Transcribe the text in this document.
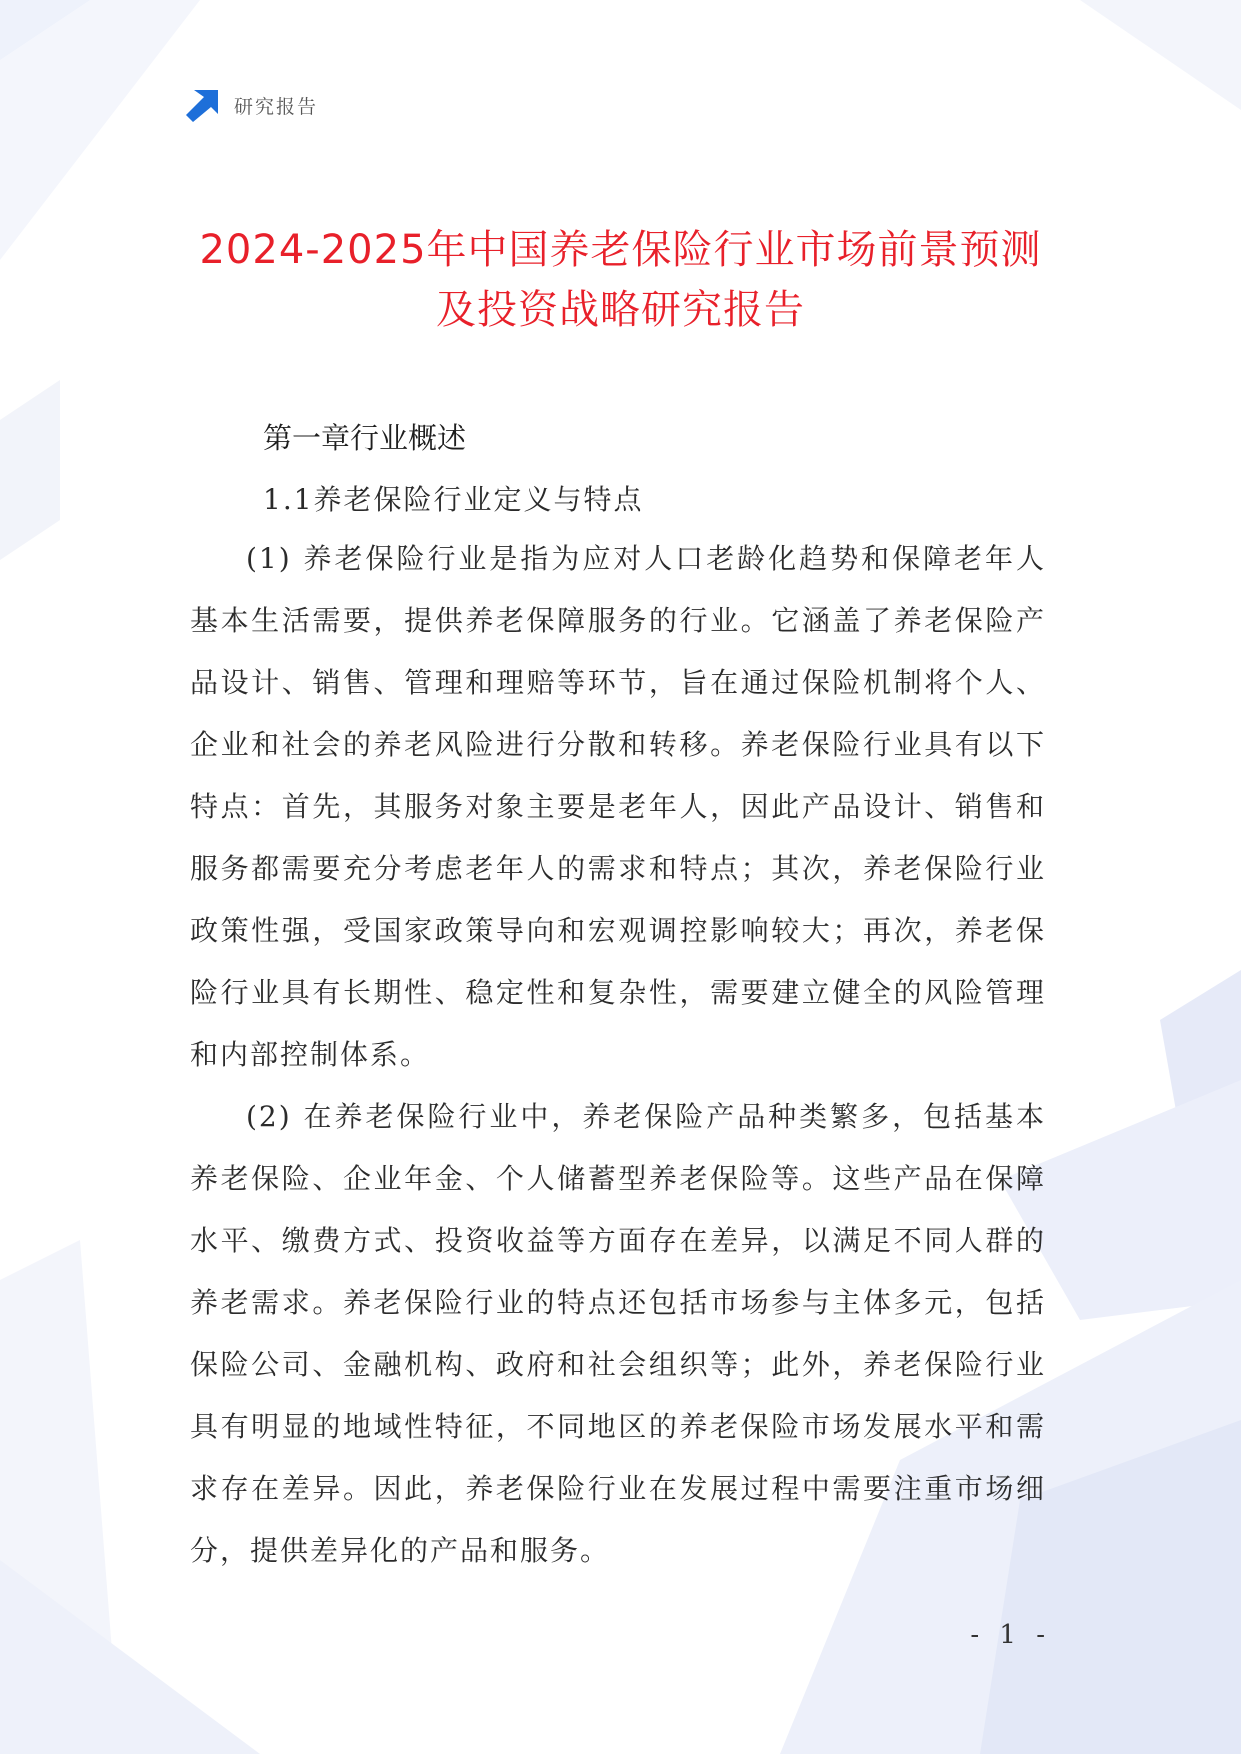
研究报告
2024-2025年中国养老保险行业市场前景预测及投资战略研究报告
第一章行业概述
1.1养老保险行业定义与特点

(1) 养老保险行业是指为应对人口老龄化趋势和保障老年人基本生活需要，提供养老保障服务的行业。它涵盖了养老保险产品设计、销售、管理和理赔等环节，旨在通过保险机制将个人、企业和社会的养老风险进行分散和转移。养老保险行业具有以下特点：首先，其服务对象主要是老年人，因此产品设计、销售和服务都需要充分考虑老年人的需求和特点；其次，养老保险行业政策性强，受国家政策导向和宏观调控影响较大；再次，养老保险行业具有长期性、稳定性和复杂性，需要建立健全的风险管理和内部控制体系。

(2) 在养老保险行业中，养老保险产品种类繁多，包括基本养老保险、企业年金、个人储蓄型养老保险等。这些产品在保障水平、缴费方式、投资收益等方面存在差异，以满足不同人群的养老需求。养老保险行业的特点还包括市场参与主体多元，包括保险公司、金融机构、政府和社会组织等；此外，养老保险行业具有明显的地域性特征，不同地区的养老保险市场发展水平和需求存在差异。因此，养老保险行业在发展过程中需要注重市场细分，提供差异化的产品和服务。

- 1 -
